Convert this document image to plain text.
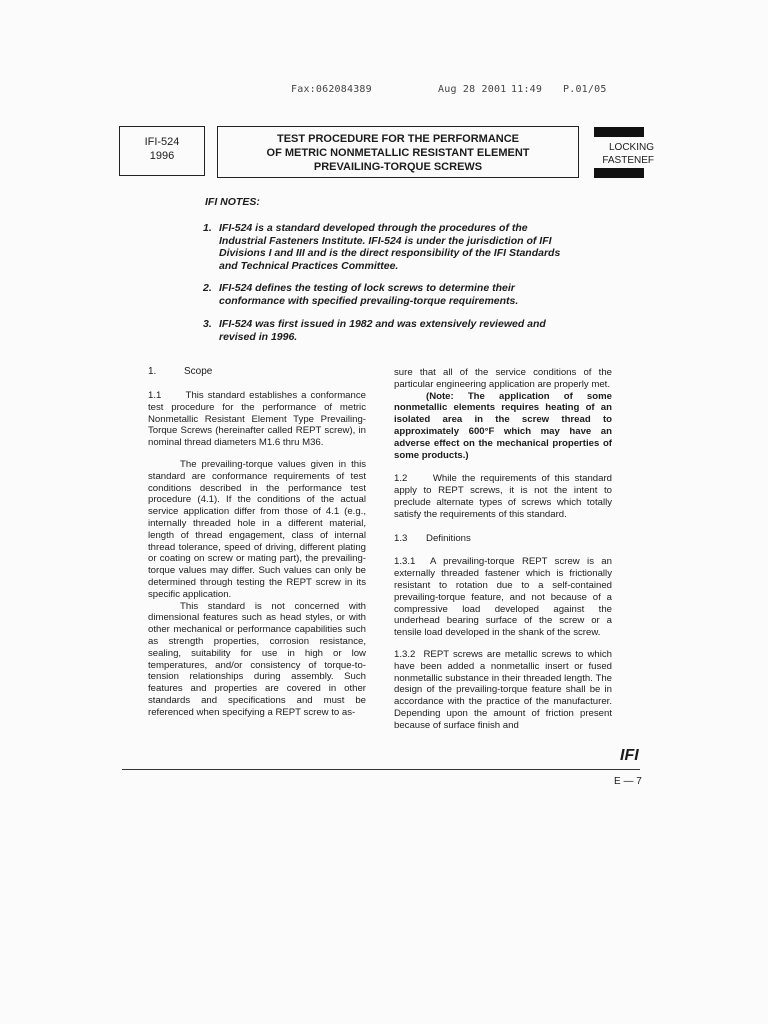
Fax:062084389	Aug 28 2001 11:49 P.01/05
IFI-524
1996
TEST PROCEDURE FOR THE PERFORMANCE
OF METRIC NONMETALLIC RESISTANT ELEMENT
PREVAILING-TORQUE SCREWS
LOCKING
FASTENEF
IFI NOTES:
1. IFI-524 is a standard developed through the procedures of the Industrial Fasteners Institute. IFI-524 is under the jurisdiction of IFI Divisions I and III and is the direct responsibility of the IFI Standards and Technical Practices Committee.
2. IFI-524 defines the testing of lock screws to determine their conformance with specified prevailing-torque requirements.
3. IFI-524 was first issued in 1982 and was extensively reviewed and revised in 1996.
1.	Scope

1.1	This standard establishes a conformance test procedure for the performance of metric Nonmetallic Resistant Element Type Prevailing-Torque Screws (hereinafter called REPT screw), in nominal thread diameters M1.6 thru M36.

The prevailing-torque values given in this standard are conformance requirements of test conditions described in the performance test procedure (4.1). If the conditions of the actual service application differ from those of 4.1 (e.g., internally threaded hole in a different material, length of thread engagement, class of internal thread tolerance, speed of driving, different plating or coating on screw or mating part), the prevailing-torque values may differ. Such values can only be determined through testing the REPT screw in its specific application.

This standard is not concerned with dimensional features such as head styles, or with other mechanical or performance capabilities such as strength properties, corrosion resistance, sealing, suitability for use in high or low temperatures, and/or consistency of torque-to-tension relationships during assembly. Such features and properties are covered in other standards and specifications and must be referenced when specifying a REPT screw to as-

sure that all of the service conditions of the particular engineering application are properly met.

(Note: The application of some nonmetallic elements requires heating of an isolated area in the screw thread to approximately 600°F which may have an adverse effect on the mechanical properties of some products.)

1.2	While the requirements of this standard apply to REPT screws, it is not the intent to preclude alternate types of screws which totally satisfy the requirements of this standard.

1.3 Definitions

1.3.1 A prevailing-torque REPT screw is an externally threaded fastener which is frictionally resistant to rotation due to a self-contained prevailing-torque feature, and not because of a compressive load developed against the underhead bearing surface of the screw or a tensile load developed in the shank of the screw.

1.3.2 REPT screws are metallic screws to which have been added a nonmetallic insert or fused nonmetallic substance in their threaded length. The design of the prevailing-torque feature shall be in accordance with the practice of the manufacturer. Depending upon the amount of friction present because of surface finish and

IFI
E — 7
